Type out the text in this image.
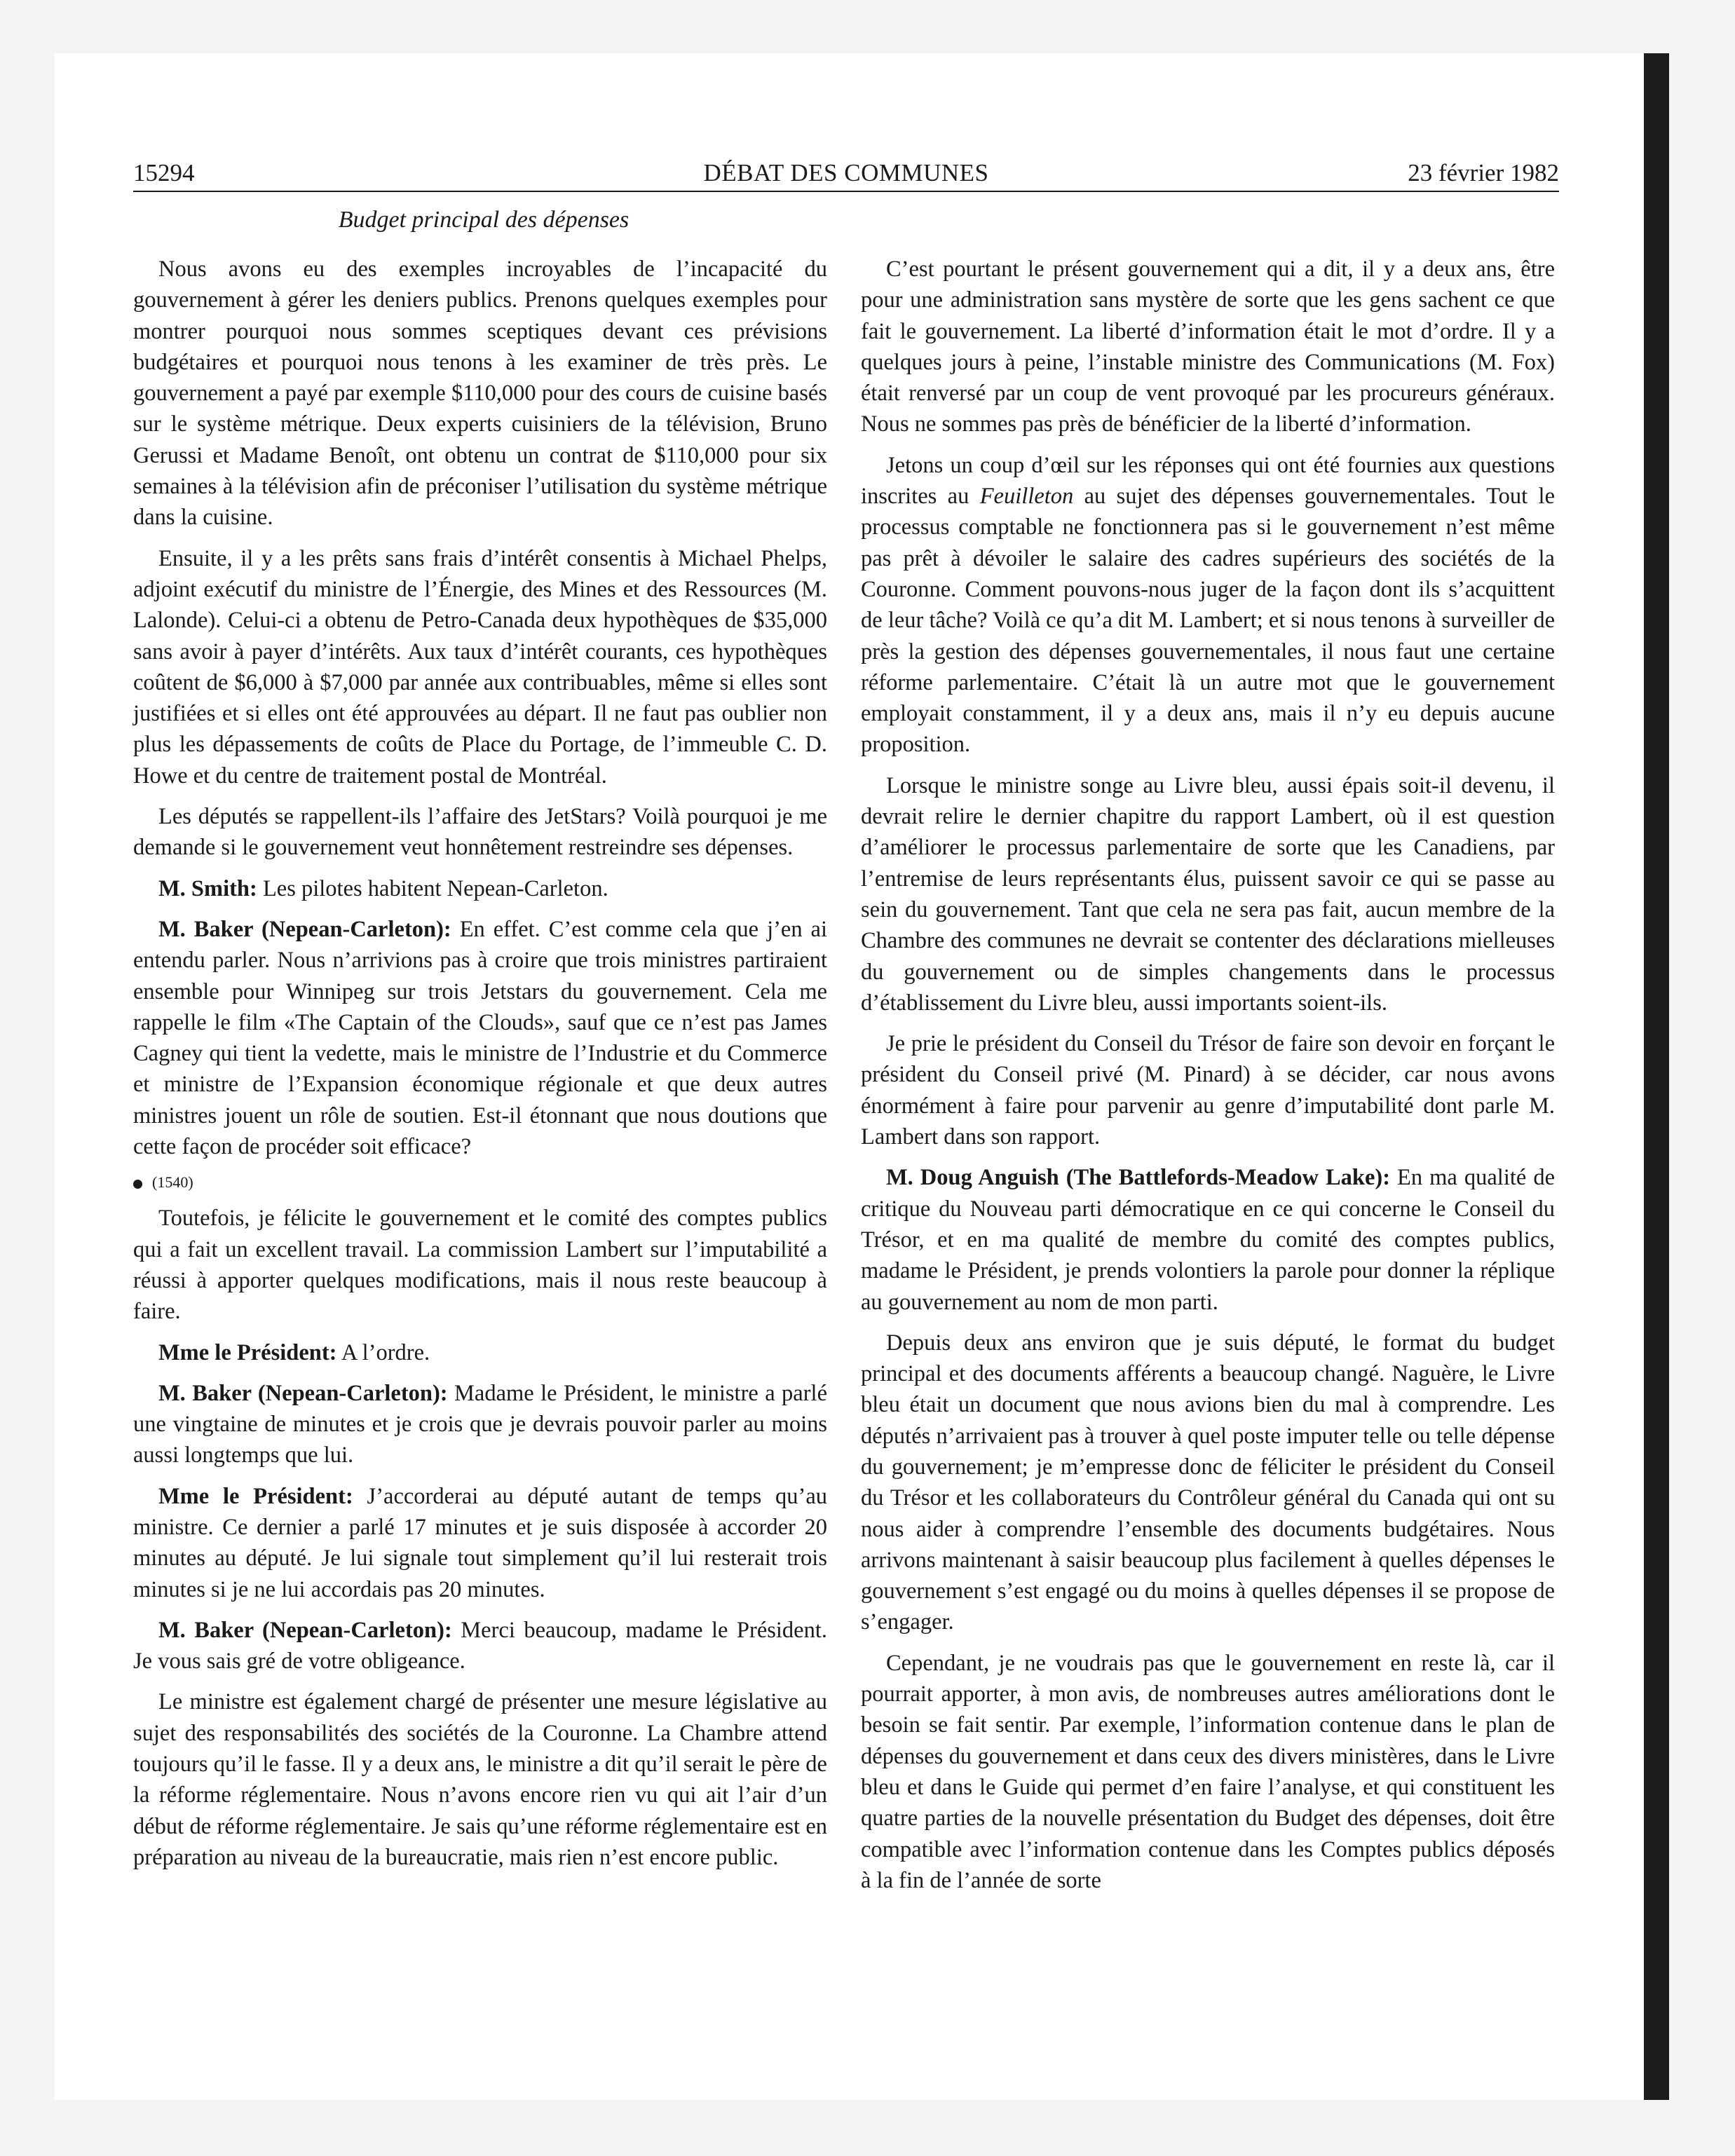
15294	DÉBAT DES COMMUNES	23 février 1982
Budget principal des dépenses

Nous avons eu des exemples incroyables de l’incapacité du gouvernement à gérer les deniers publics. Prenons quelques exemples pour montrer pourquoi nous sommes sceptiques devant ces prévisions budgétaires et pourquoi nous tenons à les examiner de très près. Le gouvernement a payé par exemple $110,000 pour des cours de cuisine basés sur le système métrique. Deux experts cuisiniers de la télévision, Bruno Gerussi et Madame Benoît, ont obtenu un contrat de $110,000 pour six semaines à la télévision afin de préconiser l’utilisation du système métrique dans la cuisine.

Ensuite, il y a les prêts sans frais d’intérêt consentis à Michael Phelps, adjoint exécutif du ministre de l’Énergie, des Mines et des Ressources (M. Lalonde). Celui-ci a obtenu de Petro-Canada deux hypothèques de $35,000 sans avoir à payer d’intérêts. Aux taux d’intérêt courants, ces hypothèques coûtent de $6,000 à $7,000 par année aux contribuables, même si elles sont justifiées et si elles ont été approuvées au départ. Il ne faut pas oublier non plus les dépassements de coûts de Place du Portage, de l’immeuble C. D. Howe et du centre de traitement postal de Montréal.

Les députés se rappellent-ils l’affaire des JetStars? Voilà pourquoi je me demande si le gouvernement veut honnêtement restreindre ses dépenses.

M. Smith: Les pilotes habitent Nepean-Carleton.

M. Baker (Nepean-Carleton): En effet. C’est comme cela que j’en ai entendu parler. Nous n’arrivions pas à croire que trois ministres partiraient ensemble pour Winnipeg sur trois Jetstars du gouvernement. Cela me rappelle le film «The Captain of the Clouds», sauf que ce n’est pas James Cagney qui tient la vedette, mais le ministre de l’Industrie et du Commerce et ministre de l’Expansion économique régionale et que deux autres ministres jouent un rôle de soutien. Est-il étonnant que nous doutions que cette façon de procéder soit efficace?

(1540)

Toutefois, je félicite le gouvernement et le comité des comptes publics qui a fait un excellent travail. La commission Lambert sur l’imputabilité a réussi à apporter quelques modifications, mais il nous reste beaucoup à faire.

Mme le Président: A l’ordre.

M. Baker (Nepean-Carleton): Madame le Président, le ministre a parlé une vingtaine de minutes et je crois que je devrais pouvoir parler au moins aussi longtemps que lui.

Mme le Président: J’accorderai au député autant de temps qu’au ministre. Ce dernier a parlé 17 minutes et je suis disposée à accorder 20 minutes au député. Je lui signale tout simplement qu’il lui resterait trois minutes si je ne lui accordais pas 20 minutes.

M. Baker (Nepean-Carleton): Merci beaucoup, madame le Président. Je vous sais gré de votre obligeance.

Le ministre est également chargé de présenter une mesure législative au sujet des responsabilités des sociétés de la Couronne. La Chambre attend toujours qu’il le fasse. Il y a deux ans, le ministre a dit qu’il serait le père de la réforme réglementaire. Nous n’avons encore rien vu qui ait l’air d’un début de réforme réglementaire. Je sais qu’une réforme réglementaire est en préparation au niveau de la bureaucratie, mais rien n’est encore public.

C’est pourtant le présent gouvernement qui a dit, il y a deux ans, être pour une administration sans mystère de sorte que les gens sachent ce que fait le gouvernement. La liberté d’information était le mot d’ordre. Il y a quelques jours à peine, l’instable ministre des Communications (M. Fox) était renversé par un coup de vent provoqué par les procureurs généraux. Nous ne sommes pas près de bénéficier de la liberté d’information.

Jetons un coup d’œil sur les réponses qui ont été fournies aux questions inscrites au Feuilleton au sujet des dépenses gouvernementales. Tout le processus comptable ne fonctionnera pas si le gouvernement n’est même pas prêt à dévoiler le salaire des cadres supérieurs des sociétés de la Couronne. Comment pouvons-nous juger de la façon dont ils s’acquittent de leur tâche? Voilà ce qu’a dit M. Lambert; et si nous tenons à surveiller de près la gestion des dépenses gouvernementales, il nous faut une certaine réforme parlementaire. C’était là un autre mot que le gouvernement employait constamment, il y a deux ans, mais il n’y eu depuis aucune proposition.

Lorsque le ministre songe au Livre bleu, aussi épais soit-il devenu, il devrait relire le dernier chapitre du rapport Lambert, où il est question d’améliorer le processus parlementaire de sorte que les Canadiens, par l’entremise de leurs représentants élus, puissent savoir ce qui se passe au sein du gouvernement. Tant que cela ne sera pas fait, aucun membre de la Chambre des communes ne devrait se contenter des déclarations mielleuses du gouvernement ou de simples changements dans le processus d’établissement du Livre bleu, aussi importants soient-ils.

Je prie le président du Conseil du Trésor de faire son devoir en forçant le président du Conseil privé (M. Pinard) à se décider, car nous avons énormément à faire pour parvenir au genre d’imputabilité dont parle M. Lambert dans son rapport.

M. Doug Anguish (The Battlefords-Meadow Lake): En ma qualité de critique du Nouveau parti démocratique en ce qui concerne le Conseil du Trésor, et en ma qualité de membre du comité des comptes publics, madame le Président, je prends volontiers la parole pour donner la réplique au gouvernement au nom de mon parti.

Depuis deux ans environ que je suis député, le format du budget principal et des documents afférents a beaucoup changé. Naguère, le Livre bleu était un document que nous avions bien du mal à comprendre. Les députés n’arrivaient pas à trouver à quel poste imputer telle ou telle dépense du gouvernement; je m’empresse donc de féliciter le président du Conseil du Trésor et les collaborateurs du Contrôleur général du Canada qui ont su nous aider à comprendre l’ensemble des documents budgétaires. Nous arrivons maintenant à saisir beaucoup plus facilement à quelles dépenses le gouvernement s’est engagé ou du moins à quelles dépenses il se propose de s’engager.

Cependant, je ne voudrais pas que le gouvernement en reste là, car il pourrait apporter, à mon avis, de nombreuses autres améliorations dont le besoin se fait sentir. Par exemple, l’information contenue dans le plan de dépenses du gouvernement et dans ceux des divers ministères, dans le Livre bleu et dans le Guide qui permet d’en faire l’analyse, et qui constituent les quatre parties de la nouvelle présentation du Budget des dépenses, doit être compatible avec l’information contenue dans les Comptes publics déposés à la fin de l’année de sorte
